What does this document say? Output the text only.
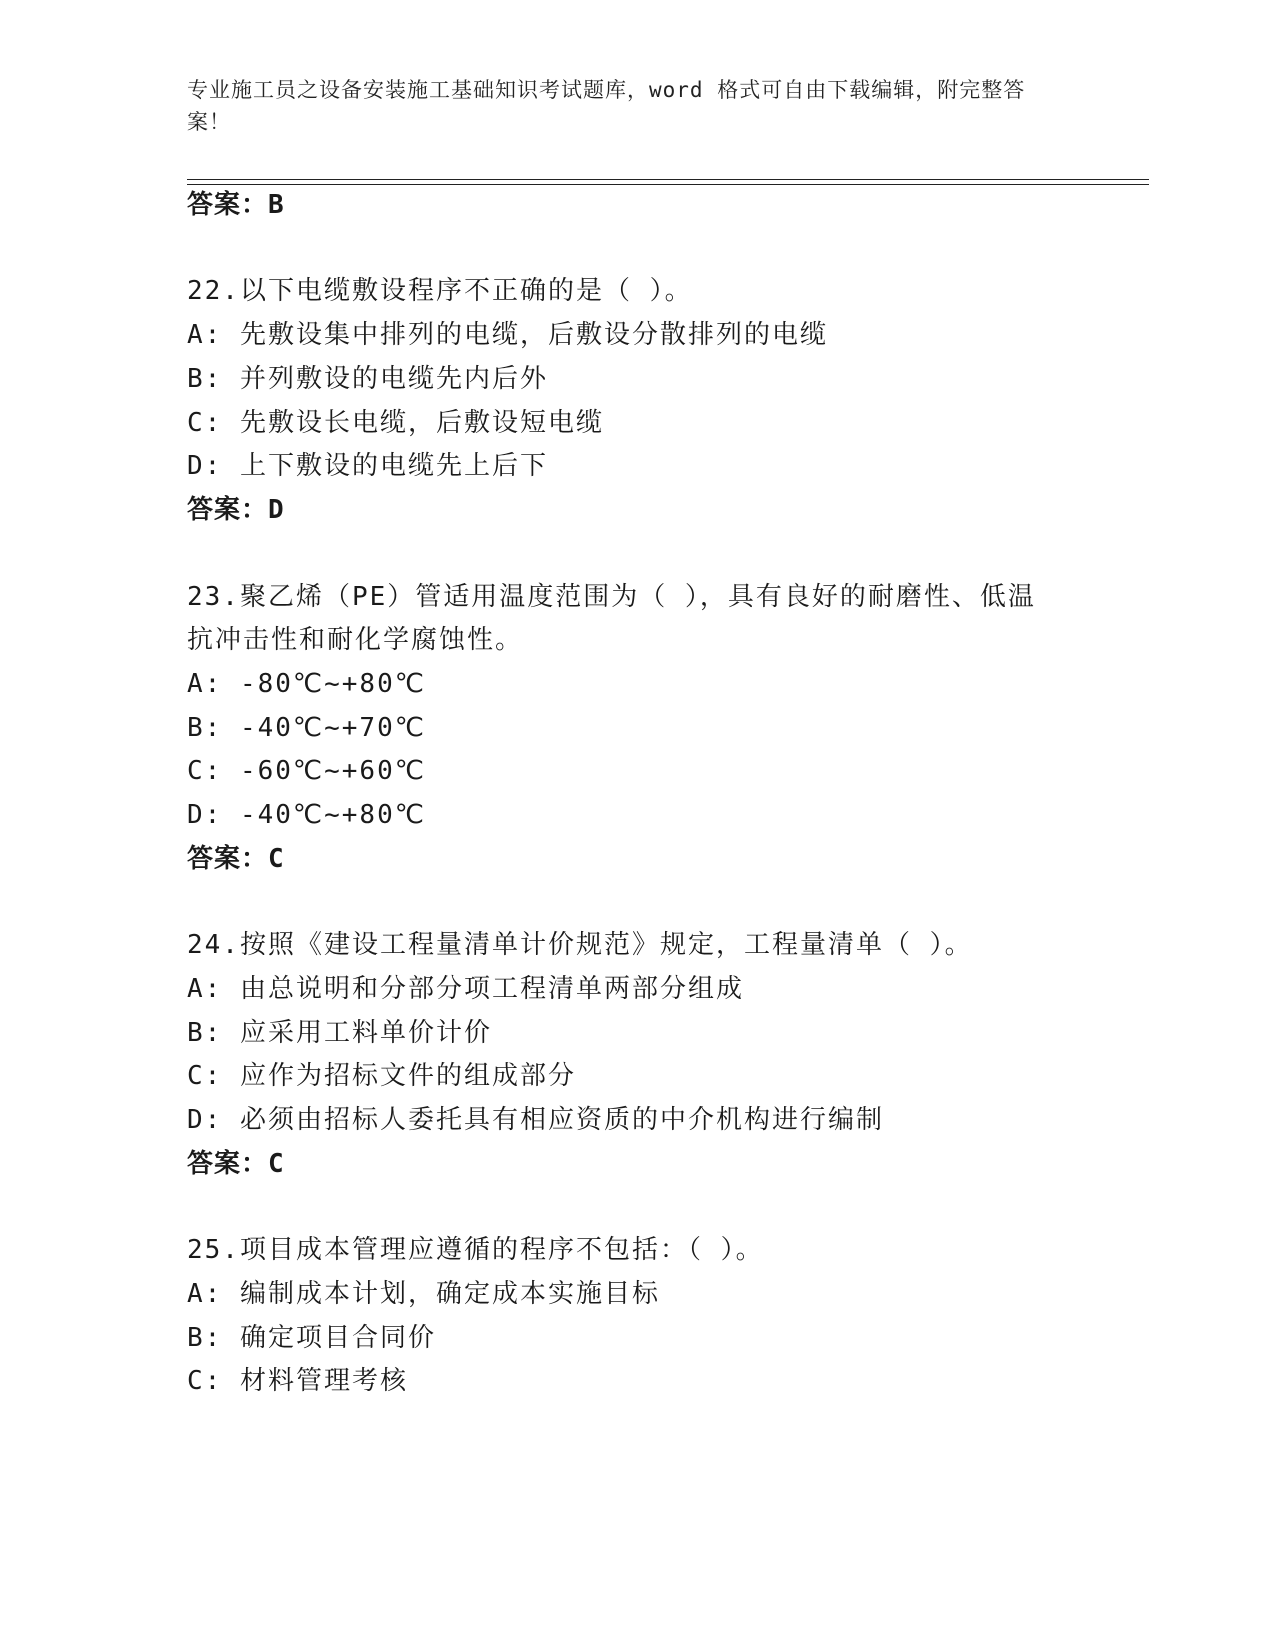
专业施工员之设备安装施工基础知识考试题库，word 格式可自由下载编辑，附完整答案！
答案：B
22.以下电缆敷设程序不正确的是（ ）。
A: 先敷设集中排列的电缆，后敷设分散排列的电缆
B: 并列敷设的电缆先内后外
C: 先敷设长电缆，后敷设短电缆
D: 上下敷设的电缆先上后下
答案：D
23.聚乙烯（PE）管适用温度范围为（ ），具有良好的耐磨性、低温
抗冲击性和耐化学腐蚀性。
A: -80℃~+80℃
B: -40℃~+70℃
C: -60℃~+60℃
D: -40℃~+80℃
答案：C
24.按照《建设工程量清单计价规范》规定，工程量清单（ ）。
A: 由总说明和分部分项工程清单两部分组成
B: 应采用工料单价计价
C: 应作为招标文件的组成部分
D: 必须由招标人委托具有相应资质的中介机构进行编制
答案：C
25.项目成本管理应遵循的程序不包括：（ ）。
A: 编制成本计划，确定成本实施目标
B: 确定项目合同价
C: 材料管理考核
